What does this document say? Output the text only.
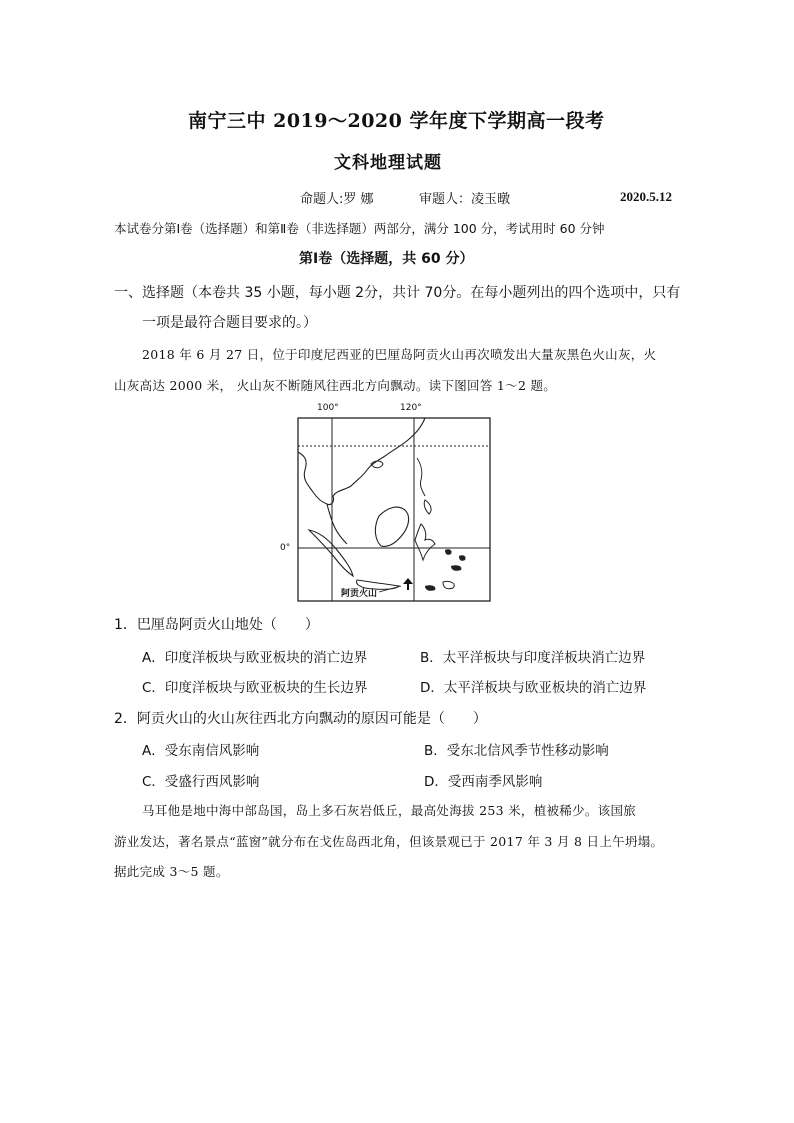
南宁三中 2019～2020 学年度下学期高一段考
文科地理试题
命题人:罗 娜	审题人：凌玉暾	2020.5.12
本试卷分第Ⅰ卷（选择题）和第Ⅱ卷（非选择题）两部分，满分 100 分，考试用时 60 分钟
第Ⅰ卷（选择题，共 60 分）
一、选择题（本卷共 35 小题，每小题 2分，共计 70分。在每小题列出的四个选项中，只有
一项是最符合题目要求的。）
2018 年 6 月 27 日，位于印度尼西亚的巴厘岛阿贡火山再次喷发出大量灰黑色火山灰，火
山灰高达 2000 米， 火山灰不断随风往西北方向飘动。读下图回答 1～2 题。
100°	120°
0°
阿贡火山
1．巴厘岛阿贡火山地处（　　）
A．印度洋板块与欧亚板块的消亡边界	B．太平洋板块与印度洋板块消亡边界
C．印度洋板块与欧亚板块的生长边界	D．太平洋板块与欧亚板块的消亡边界
2．阿贡火山的火山灰往西北方向飘动的原因可能是（　　）
A．受东南信风影响	B．受东北信风季节性移动影响
C．受盛行西风影响	D．受西南季风影响
马耳他是地中海中部岛国，岛上多石灰岩低丘，最高处海拔 253 米，植被稀少。该国旅
游业发达，著名景点“蓝窗”就分布在戈佐岛西北角，但该景观已于 2017 年 3 月 8 日上午坍塌。
据此完成 3～5 题。
